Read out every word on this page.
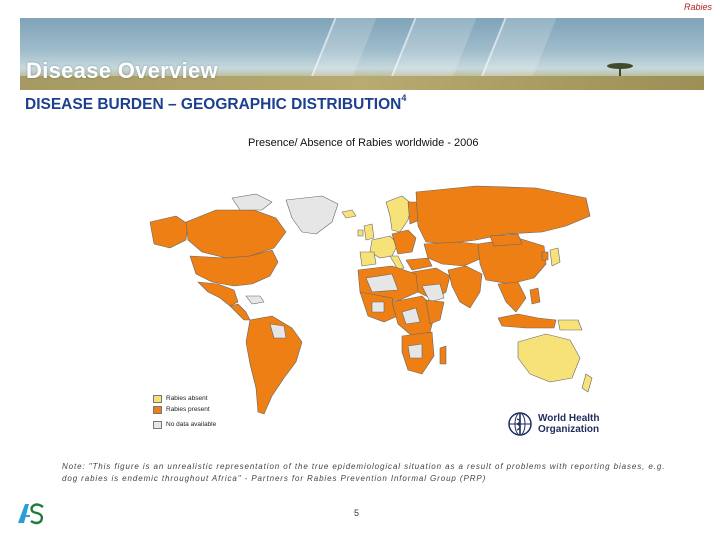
Rabies
Disease Overview
DISEASE BURDEN – GEOGRAPHIC DISTRIBUTION$^4$
Presence/ Absence of Rabies worldwide - 2006
Rabies absent
Rabies present
No data available
World Health
Organization
Note: "This figure is an unrealistic representation of the true epidemiological situation as a result of problems with reporting biases, e.g. dog rabies is endemic throughout Africa" - Partners for Rabies Prevention Informal Group (PRP)
5
